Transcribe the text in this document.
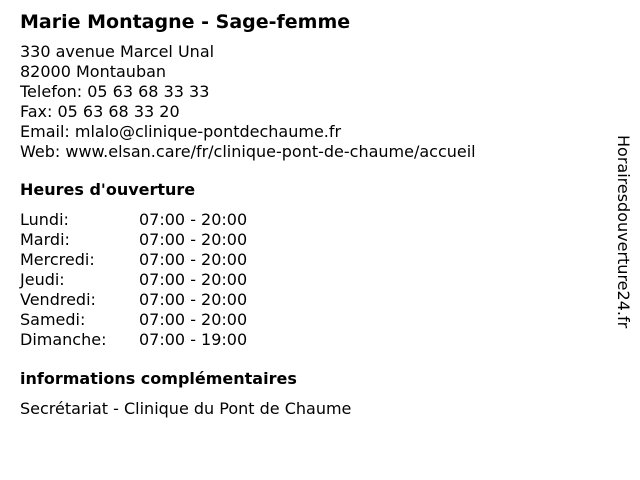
Marie Montagne - Sage-femme
330 avenue Marcel Unal
82000 Montauban
Telefon: 05 63 68 33 33
Fax: 05 63 68 33 20
Email: mlalo@clinique-pontdechaume.fr
Web: www.elsan.care/fr/clinique-pont-de-chaume/accueil
Heures d'ouverture
Lundi:	07:00 - 20:00
Mardi:	07:00 - 20:00
Mercredi:	07:00 - 20:00
Jeudi:	07:00 - 20:00
Vendredi:	07:00 - 20:00
Samedi:	07:00 - 20:00
Dimanche:	07:00 - 19:00
informations complémentaires
Secrétariat - Clinique du Pont de Chaume
Horairesdouverture24.fr
